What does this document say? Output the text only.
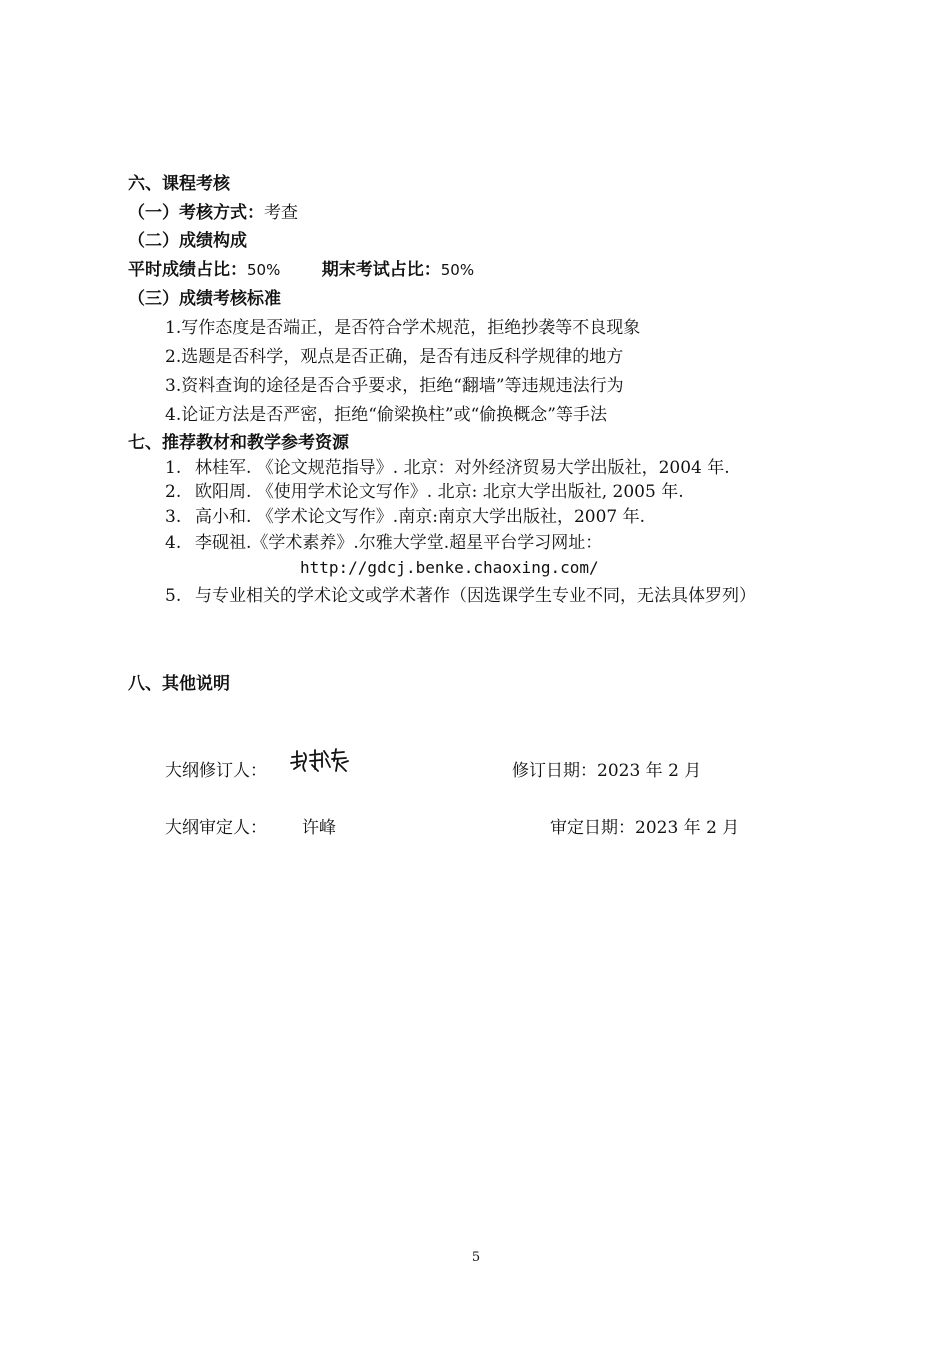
六、课程考核
（一）考核方式：考查
（二）成绩构成
平时成绩占比：50% 期末考试占比：50%
（三）成绩考核标准
1.写作态度是否端正，是否符合学术规范，拒绝抄袭等不良现象
2.选题是否科学，观点是否正确，是否有违反科学规律的地方
3.资料查询的途径是否合乎要求，拒绝“翻墙”等违规违法行为
4.论证方法是否严密，拒绝“偷梁换柱”或“偷换概念”等手法
七、推荐教材和教学参考资源
1. 林桂军. 《论文规范指导》. 北京：对外经济贸易大学出版社，2004 年.
2. 欧阳周. 《使用学术论文写作》. 北京: 北京大学出版社, 2005 年.
3. 高小和. 《学术论文写作》.南京:南京大学出版社，2007 年.
4. 李砚祖.《学术素养》.尔雅大学堂.超星平台学习网址：
http://gdcj.benke.chaoxing.com/
5. 与专业相关的学术论文或学术著作（因选课学生专业不同，无法具体罗列）
八、其他说明
大纲修订人：	修订日期：2023 年 2 月
大纲审定人： 许峰	审定日期：2023 年 2 月
5
